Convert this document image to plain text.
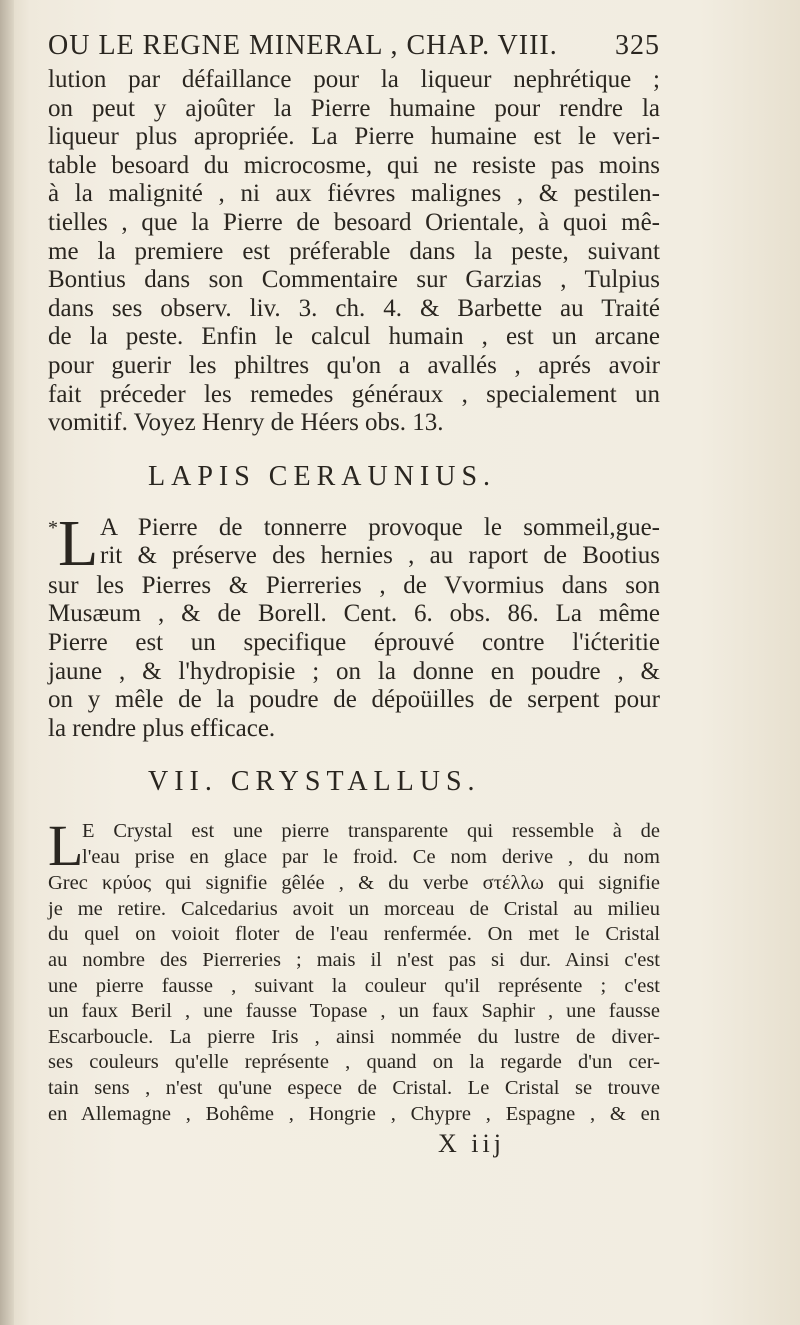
OU LE REGNE MINERAL , CHAP. VIII. 325
lution par défaillance pour la liqueur nephrétique ;
on peut y ajoûter la Pierre humaine pour rendre la
liqueur plus apropriée. La Pierre humaine est le veri-
table besoard du microcosme, qui ne resiste pas moins
à la malignité , ni aux fiévres malignes , & pestilen-
tielles , que la Pierre de besoard Orientale, à quoi mê-
me la premiere est préferable dans la peste, suivant
Bontius dans son Commentaire sur Garzias , Tulpius
dans ses observ. liv. 3. ch. 4. & Barbette au Traité
de la peste. Enfin le calcul humain , est un arcane
pour guerir les philtres qu'on a avallés , aprés avoir
fait préceder les remedes généraux , specialement un
vomitif. Voyez Henry de Héers obs. 13.
LAPIS CERAUNIUS.
* L A Pierre de tonnerre provoque le sommeil,gue-
rit & préserve des hernies , au raport de Bootius
sur les Pierres & Pierreries , de Vvormius dans son
Musæum , & de Borell. Cent. 6. obs. 86. La même
Pierre est un specifique éprouvé contre l'ićteritie
jaune , & l'hydropisie ; on la donne en poudre , &
on y mêle de la poudre de dépoüilles de serpent pour
la rendre plus efficace.
VII. CRYSTALLUS.
L
E Crystal est une pierre transparente qui ressemble à de
l'eau prise en glace par le froid. Ce nom derive , du nom
Grec κρύος qui signifie gêlée , & du verbe στέλλω qui signifie
je me retire. Calcedarius avoit un morceau de Cristal au milieu
du quel on voioit floter de l'eau renfermée. On met le Cristal
au nombre des Pierreries ; mais il n'est pas si dur. Ainsi c'est
une pierre fausse , suivant la couleur qu'il représente ; c'est
un faux Beril , une fausse Topase , un faux Saphir , une fausse
Escarboucle. La pierre Iris , ainsi nommée du lustre de diver-
ses couleurs qu'elle représente , quand on la regarde d'un cer-
tain sens , n'est qu'une espece de Cristal. Le Cristal se trouve
en Allemagne , Bohême , Hongrie , Chypre , Espagne , & en
X iij
